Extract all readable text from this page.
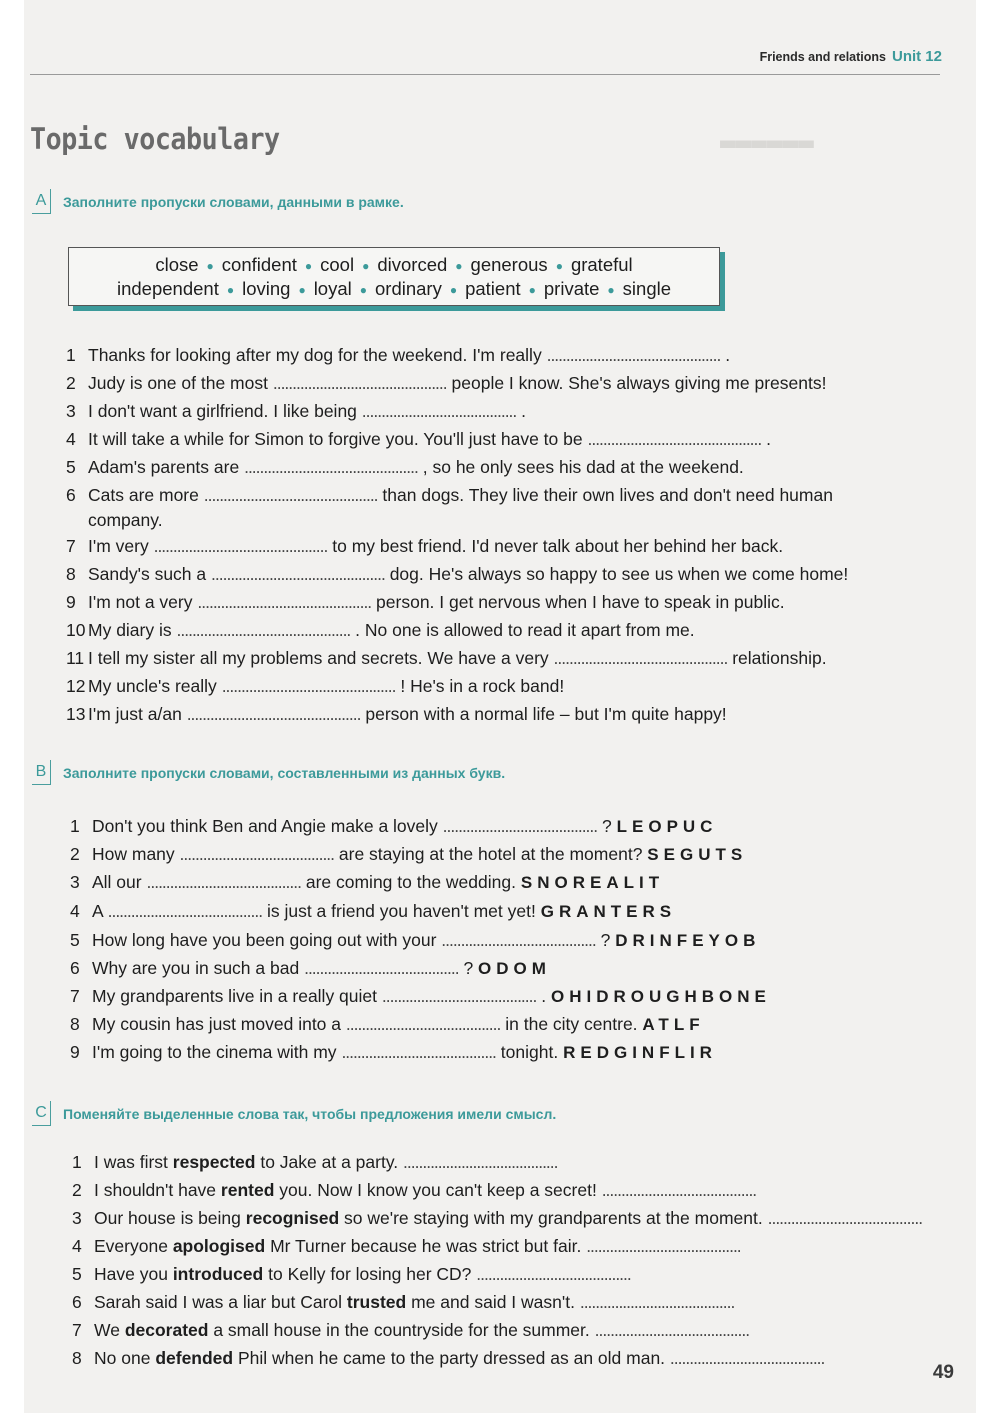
▬▬▬▬▬▬
Friends and relations Unit 12
Topic vocabulary
A	Заполните пропуски словами, данными в рамке.
close ● confident ● cool ● divorced ● generous ● grateful
independent ● loving ● loyal ● ordinary ● patient ● private ● single
1 Thanks for looking after my dog for the weekend. I'm really ............................................. .
2 Judy is one of the most ............................................. people I know. She's always giving me presents!
3 I don't want a girlfriend. I like being ........................................ .
4 It will take a while for Simon to forgive you. You'll just have to be ............................................. .
5 Adam's parents are ............................................. , so he only sees his dad at the weekend.
6 Cats are more ............................................. than dogs. They live their own lives and don't need human
company.
7 I'm very ............................................. to my best friend. I'd never talk about her behind her back.
8 Sandy's such a ............................................. dog. He's always so happy to see us when we come home!
9 I'm not a very ............................................. person. I get nervous when I have to speak in public.
10 My diary is ............................................. . No one is allowed to read it apart from me.
11 I tell my sister all my problems and secrets. We have a very ............................................. relationship.
12 My uncle's really ............................................. ! He's in a rock band!
13 I'm just a/an ............................................. person with a normal life – but I'm quite happy!
B	Заполните пропуски словами, составленными из данных букв.
1 Don't you think Ben and Angie make a lovely ........................................ ? LEOPUC
2 How many ........................................ are staying at the hotel at the moment? SEGUTS
3 All our ........................................ are coming to the wedding. SNOREALIT
4 A ........................................ is just a friend you haven't met yet! GRANTERS
5 How long have you been going out with your ........................................ ? DRINFEYOB
6 Why are you in such a bad ........................................ ? ODOM
7 My grandparents live in a really quiet ........................................ . OHIDROUGHBONE
8 My cousin has just moved into a ........................................ in the city centre. ATLF
9 I'm going to the cinema with my ........................................ tonight. REDGINFLIR
C	Поменяйте выделенные слова так, чтобы предложения имели смысл.
1 I was first respected to Jake at a party. ........................................
2 I shouldn't have rented you. Now I know you can't keep a secret! ........................................
3 Our house is being recognised so we're staying with my grandparents at the moment. ........................................
4 Everyone apologised Mr Turner because he was strict but fair. ........................................
5 Have you introduced to Kelly for losing her CD? ........................................
6 Sarah said I was a liar but Carol trusted me and said I wasn't. ........................................
7 We decorated a small house in the countryside for the summer. ........................................
8 No one defended Phil when he came to the party dressed as an old man. ........................................
49
